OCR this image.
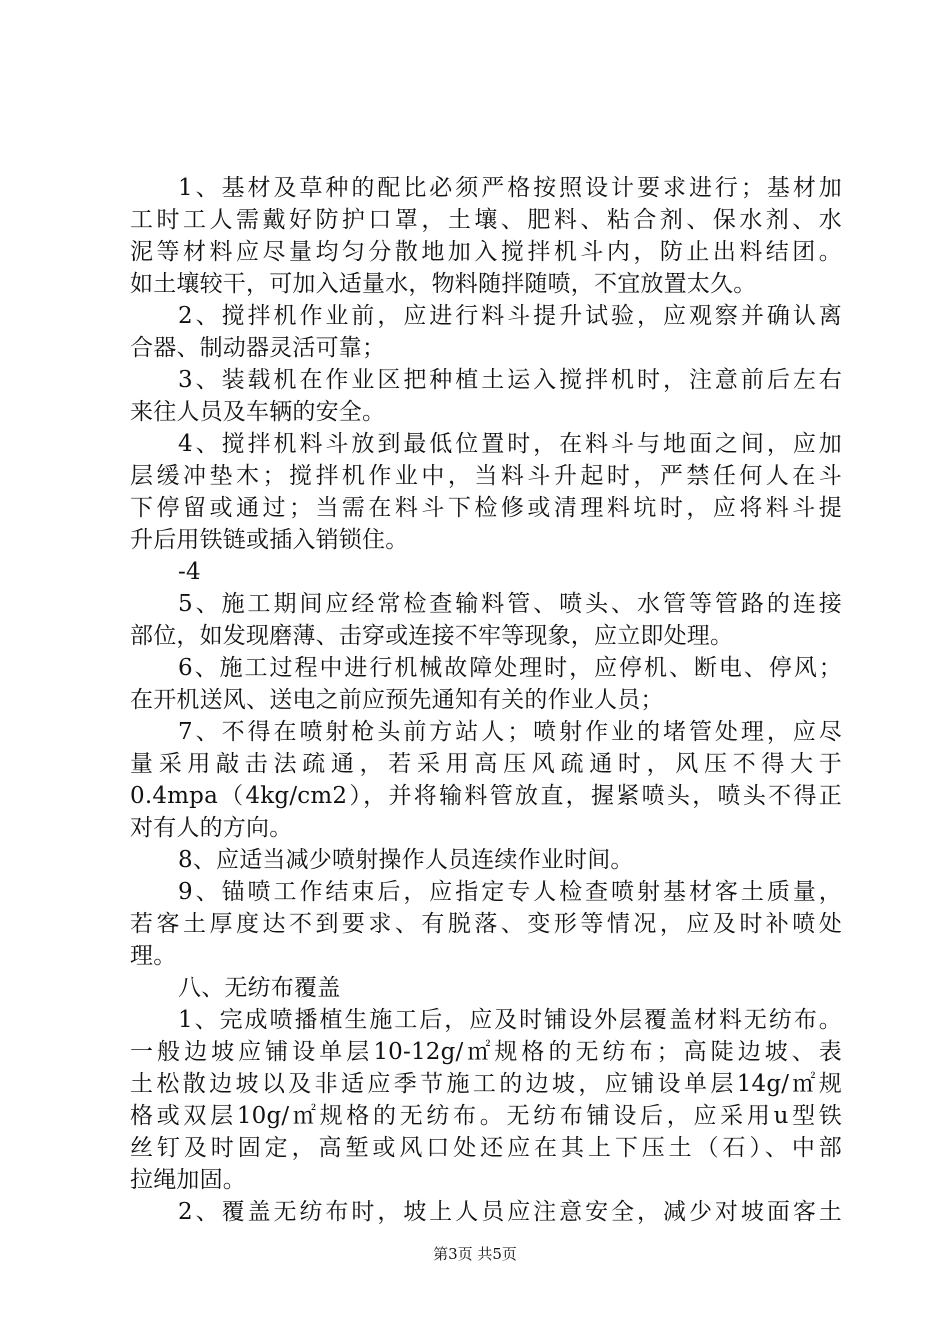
1、基材及草种的配比必须严格按照设计要求进行；基材加
工时工人需戴好防护口罩，土壤、肥料、粘合剂、保水剂、水
泥等材料应尽量均匀分散地加入搅拌机斗内，防止出料结团。
如土壤较干，可加入适量水，物料随拌随喷，不宜放置太久。
2、搅拌机作业前，应进行料斗提升试验，应观察并确认离
合器、制动器灵活可靠；
3、装载机在作业区把种植土运入搅拌机时，注意前后左右
来往人员及车辆的安全。
4、搅拌机料斗放到最低位置时，在料斗与地面之间，应加
层缓冲垫木；搅拌机作业中，当料斗升起时，严禁任何人在斗
下停留或通过；当需在料斗下检修或清理料坑时，应将料斗提
升后用铁链或插入销锁住。
-4
5、施工期间应经常检查输料管、喷头、水管等管路的连接
部位，如发现磨薄、击穿或连接不牢等现象，应立即处理。
6、施工过程中进行机械故障处理时，应停机、断电、停风；
在开机送风、送电之前应预先通知有关的作业人员；
7、不得在喷射枪头前方站人；喷射作业的堵管处理，应尽
量采用敲击法疏通，若采用高压风疏通时，风压不得大于
0.4mpa（4kg/cm2），并将输料管放直，握紧喷头，喷头不得正
对有人的方向。
8、应适当减少喷射操作人员连续作业时间。
9、锚喷工作结束后，应指定专人检查喷射基材客土质量，
若客土厚度达不到要求、有脱落、变形等情况，应及时补喷处
理。
八、无纺布覆盖
1、完成喷播植生施工后，应及时铺设外层覆盖材料无纺布。
一般边坡应铺设单层10-12g/㎡规格的无纺布；高陡边坡、表
土松散边坡以及非适应季节施工的边坡，应铺设单层14g/㎡规
格或双层10g/㎡规格的无纺布。无纺布铺设后，应采用u型铁
丝钉及时固定，高堑或风口处还应在其上下压土（石）、中部
拉绳加固。
2、覆盖无纺布时，坡上人员应注意安全，减少对坡面客土
第3页 共5页
